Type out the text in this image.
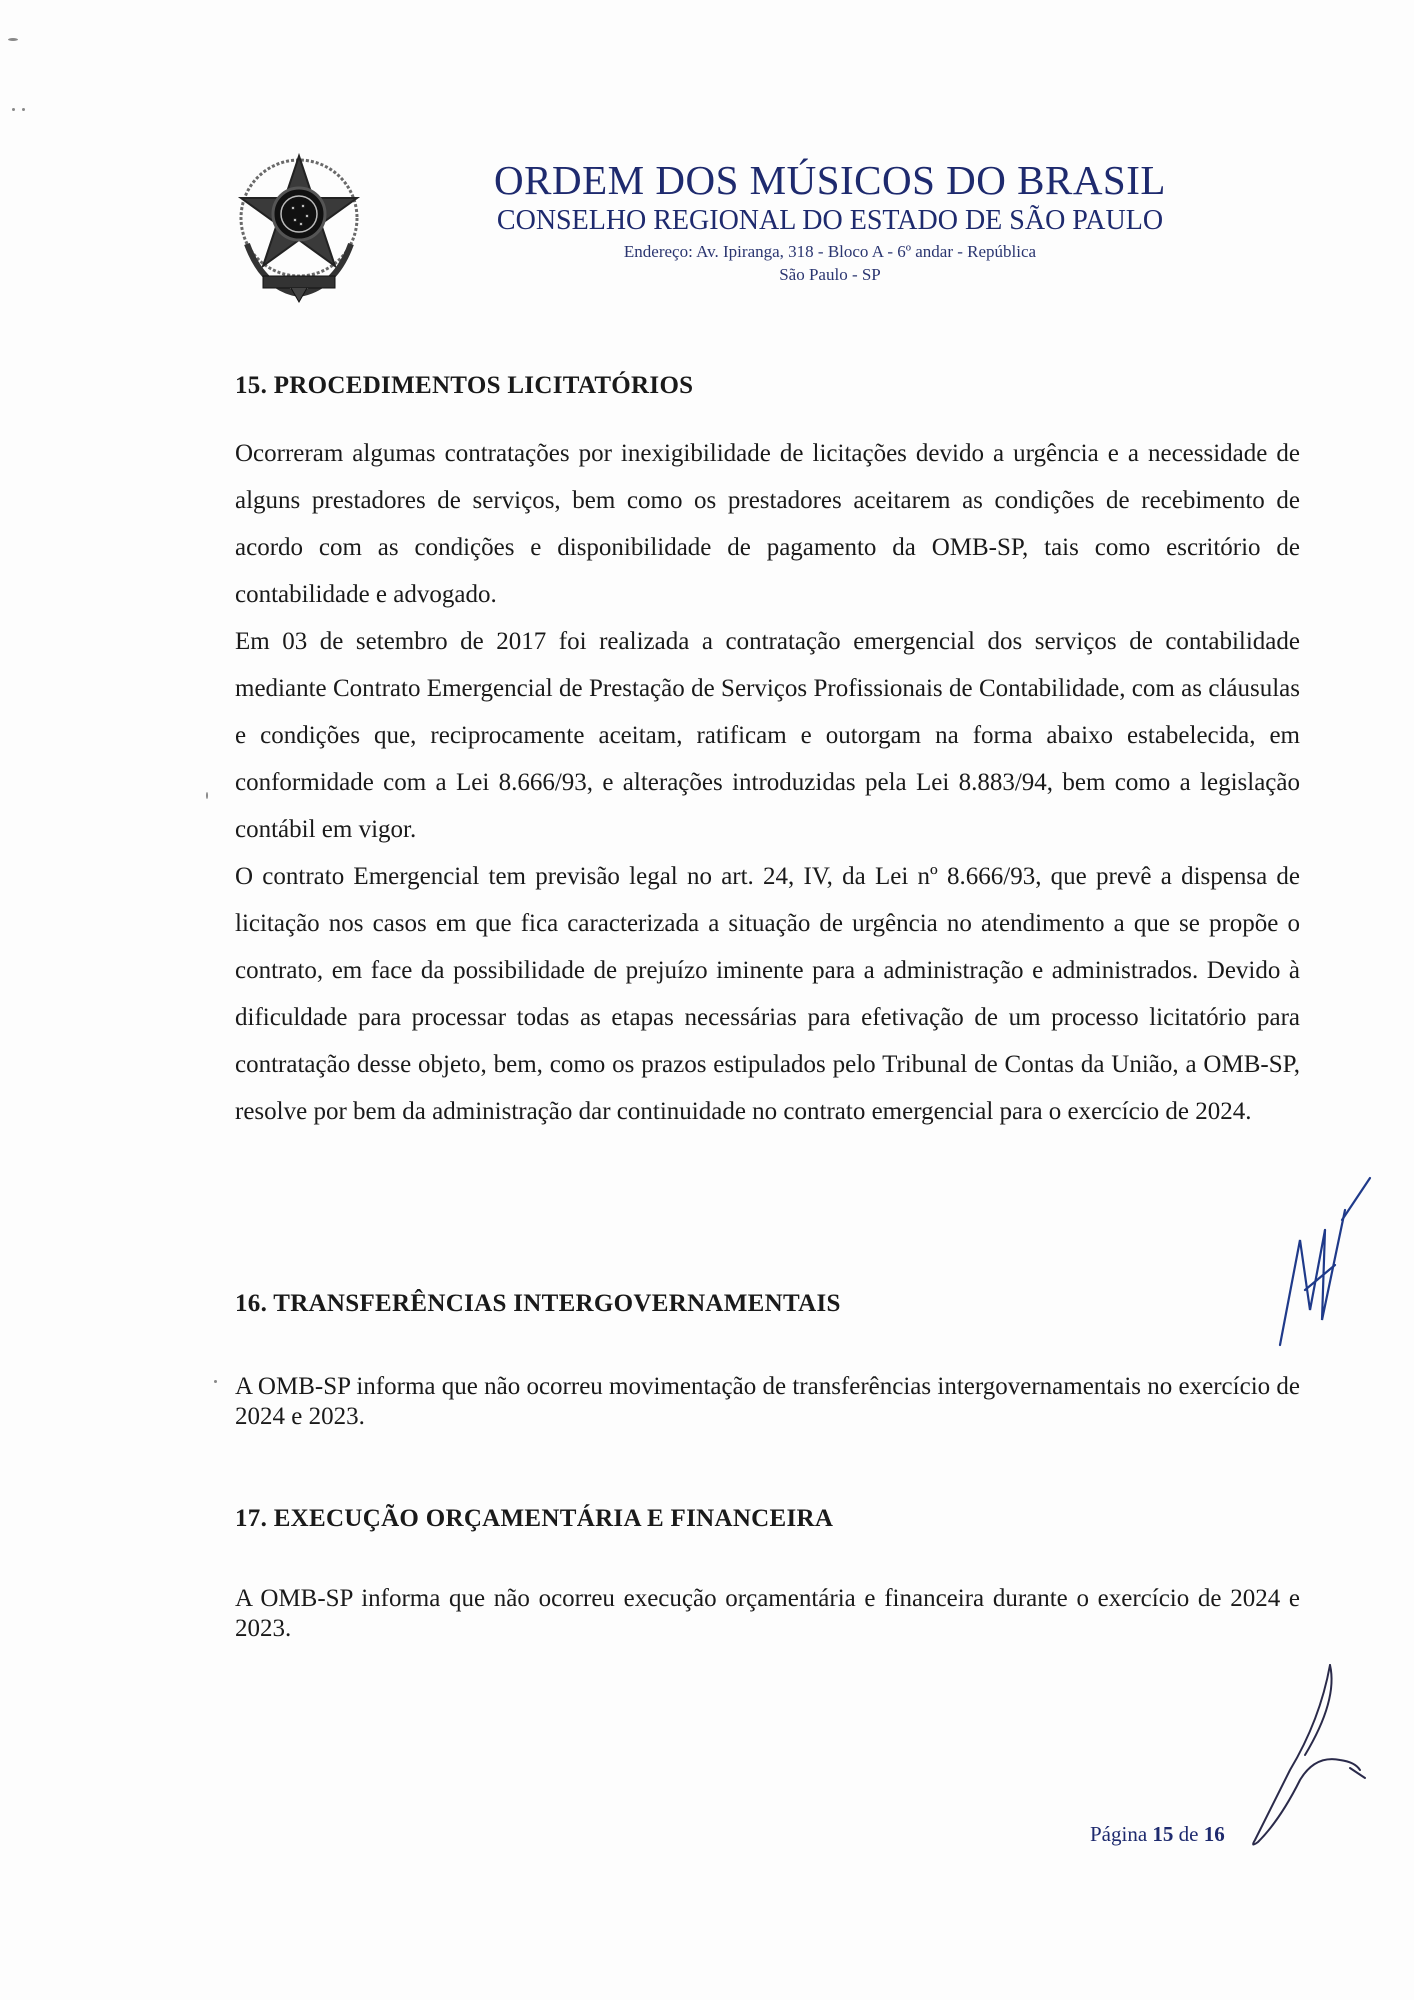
ORDEM DOS MÚSICOS DO BRASIL
CONSELHO REGIONAL DO ESTADO DE SÃO PAULO
Endereço: Av. Ipiranga, 318 - Bloco A - 6º andar - República
São Paulo - SP
15. PROCEDIMENTOS LICITATÓRIOS

Ocorreram algumas contratações por inexigibilidade de licitações devido a urgência e a necessidade de alguns prestadores de serviços, bem como os prestadores aceitarem as condições de recebimento de acordo com as condições e disponibilidade de pagamento da OMB-SP, tais como escritório de contabilidade e advogado.

Em 03 de setembro de 2017 foi realizada a contratação emergencial dos serviços de contabilidade mediante Contrato Emergencial de Prestação de Serviços Profissionais de Contabilidade, com as cláusulas e condições que, reciprocamente aceitam, ratificam e outorgam na forma abaixo estabelecida, em conformidade com a Lei 8.666/93, e alterações introduzidas pela Lei 8.883/94, bem como a legislação contábil em vigor.

O contrato Emergencial tem previsão legal no art. 24, IV, da Lei nº 8.666/93, que prevê a dispensa de licitação nos casos em que fica caracterizada a situação de urgência no atendimento a que se propõe o contrato, em face da possibilidade de prejuízo iminente para a administração e administrados. Devido à dificuldade para processar todas as etapas necessárias para efetivação de um processo licitatório para contratação desse objeto, bem, como os prazos estipulados pelo Tribunal de Contas da União, a OMB-SP, resolve por bem da administração dar continuidade no contrato emergencial para o exercício de 2024.

16. TRANSFERÊNCIAS INTERGOVERNAMENTAIS

A OMB-SP informa que não ocorreu movimentação de transferências intergovernamentais no exercício de 2024 e 2023.

17. EXECUÇÃO ORÇAMENTÁRIA E FINANCEIRA

A OMB-SP informa que não ocorreu execução orçamentária e financeira durante o exercício de 2024 e 2023.

Página 15 de 16
